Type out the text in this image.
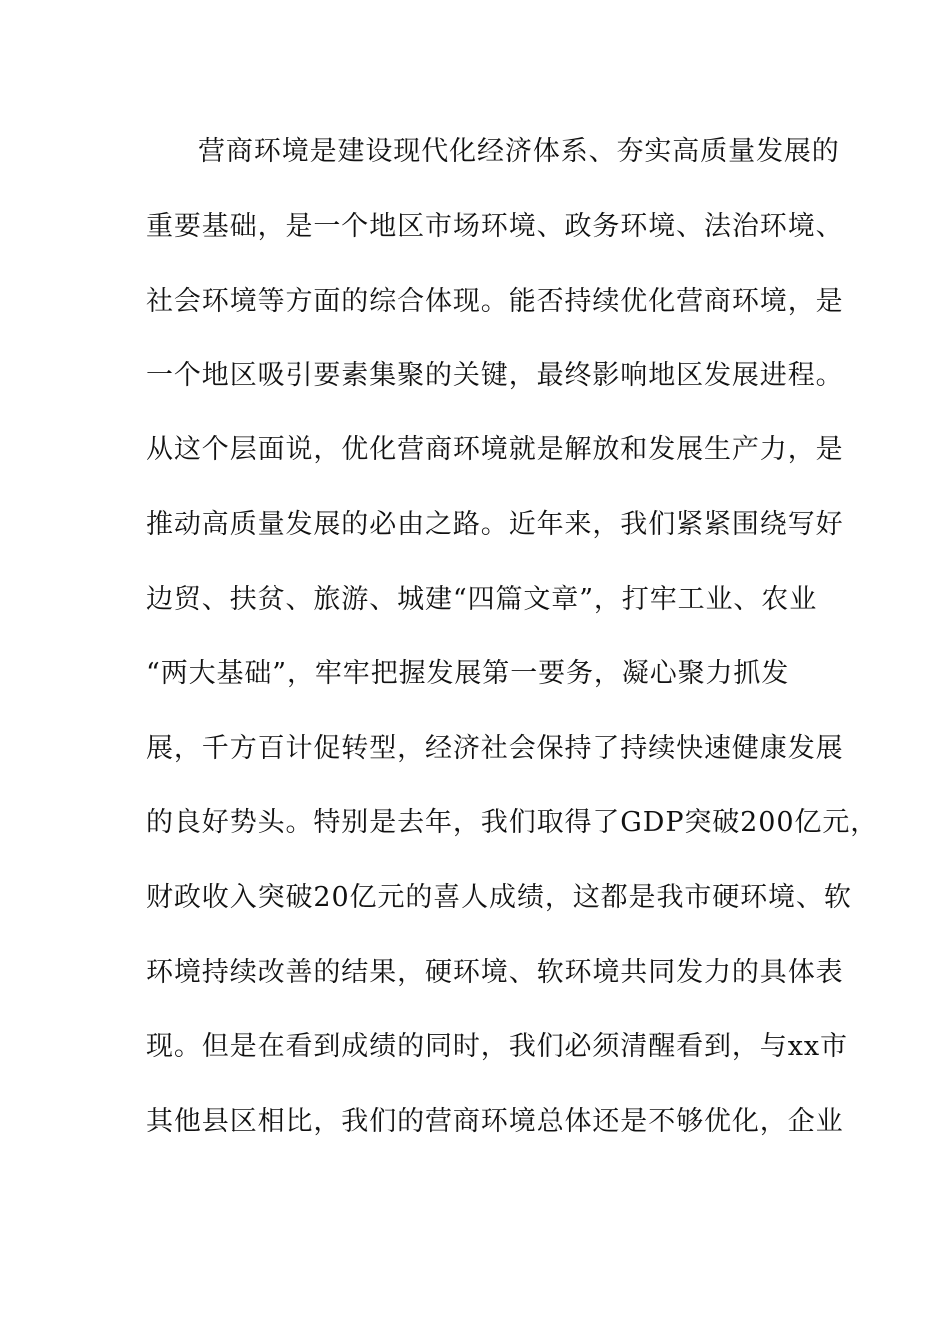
营商环境是建设现代化经济体系、夯实高质量发展的
重要基础，是一个地区市场环境、政务环境、法治环境、
社会环境等方面的综合体现。能否持续优化营商环境，是
一个地区吸引要素集聚的关键，最终影响地区发展进程。
从这个层面说，优化营商环境就是解放和发展生产力，是
推动高质量发展的必由之路。近年来，我们紧紧围绕写好
边贸、扶贫、旅游、城建“四篇文章”，打牢工业、农业
“两大基础”，牢牢把握发展第一要务，凝心聚力抓发
展，千方百计促转型，经济社会保持了持续快速健康发展
的良好势头。特别是去年，我们取得了GDP突破200亿元，
财政收入突破20亿元的喜人成绩，这都是我市硬环境、软
环境持续改善的结果，硬环境、软环境共同发力的具体表
现。但是在看到成绩的同时，我们必须清醒看到，与xx市
其他县区相比，我们的营商环境总体还是不够优化，企业
